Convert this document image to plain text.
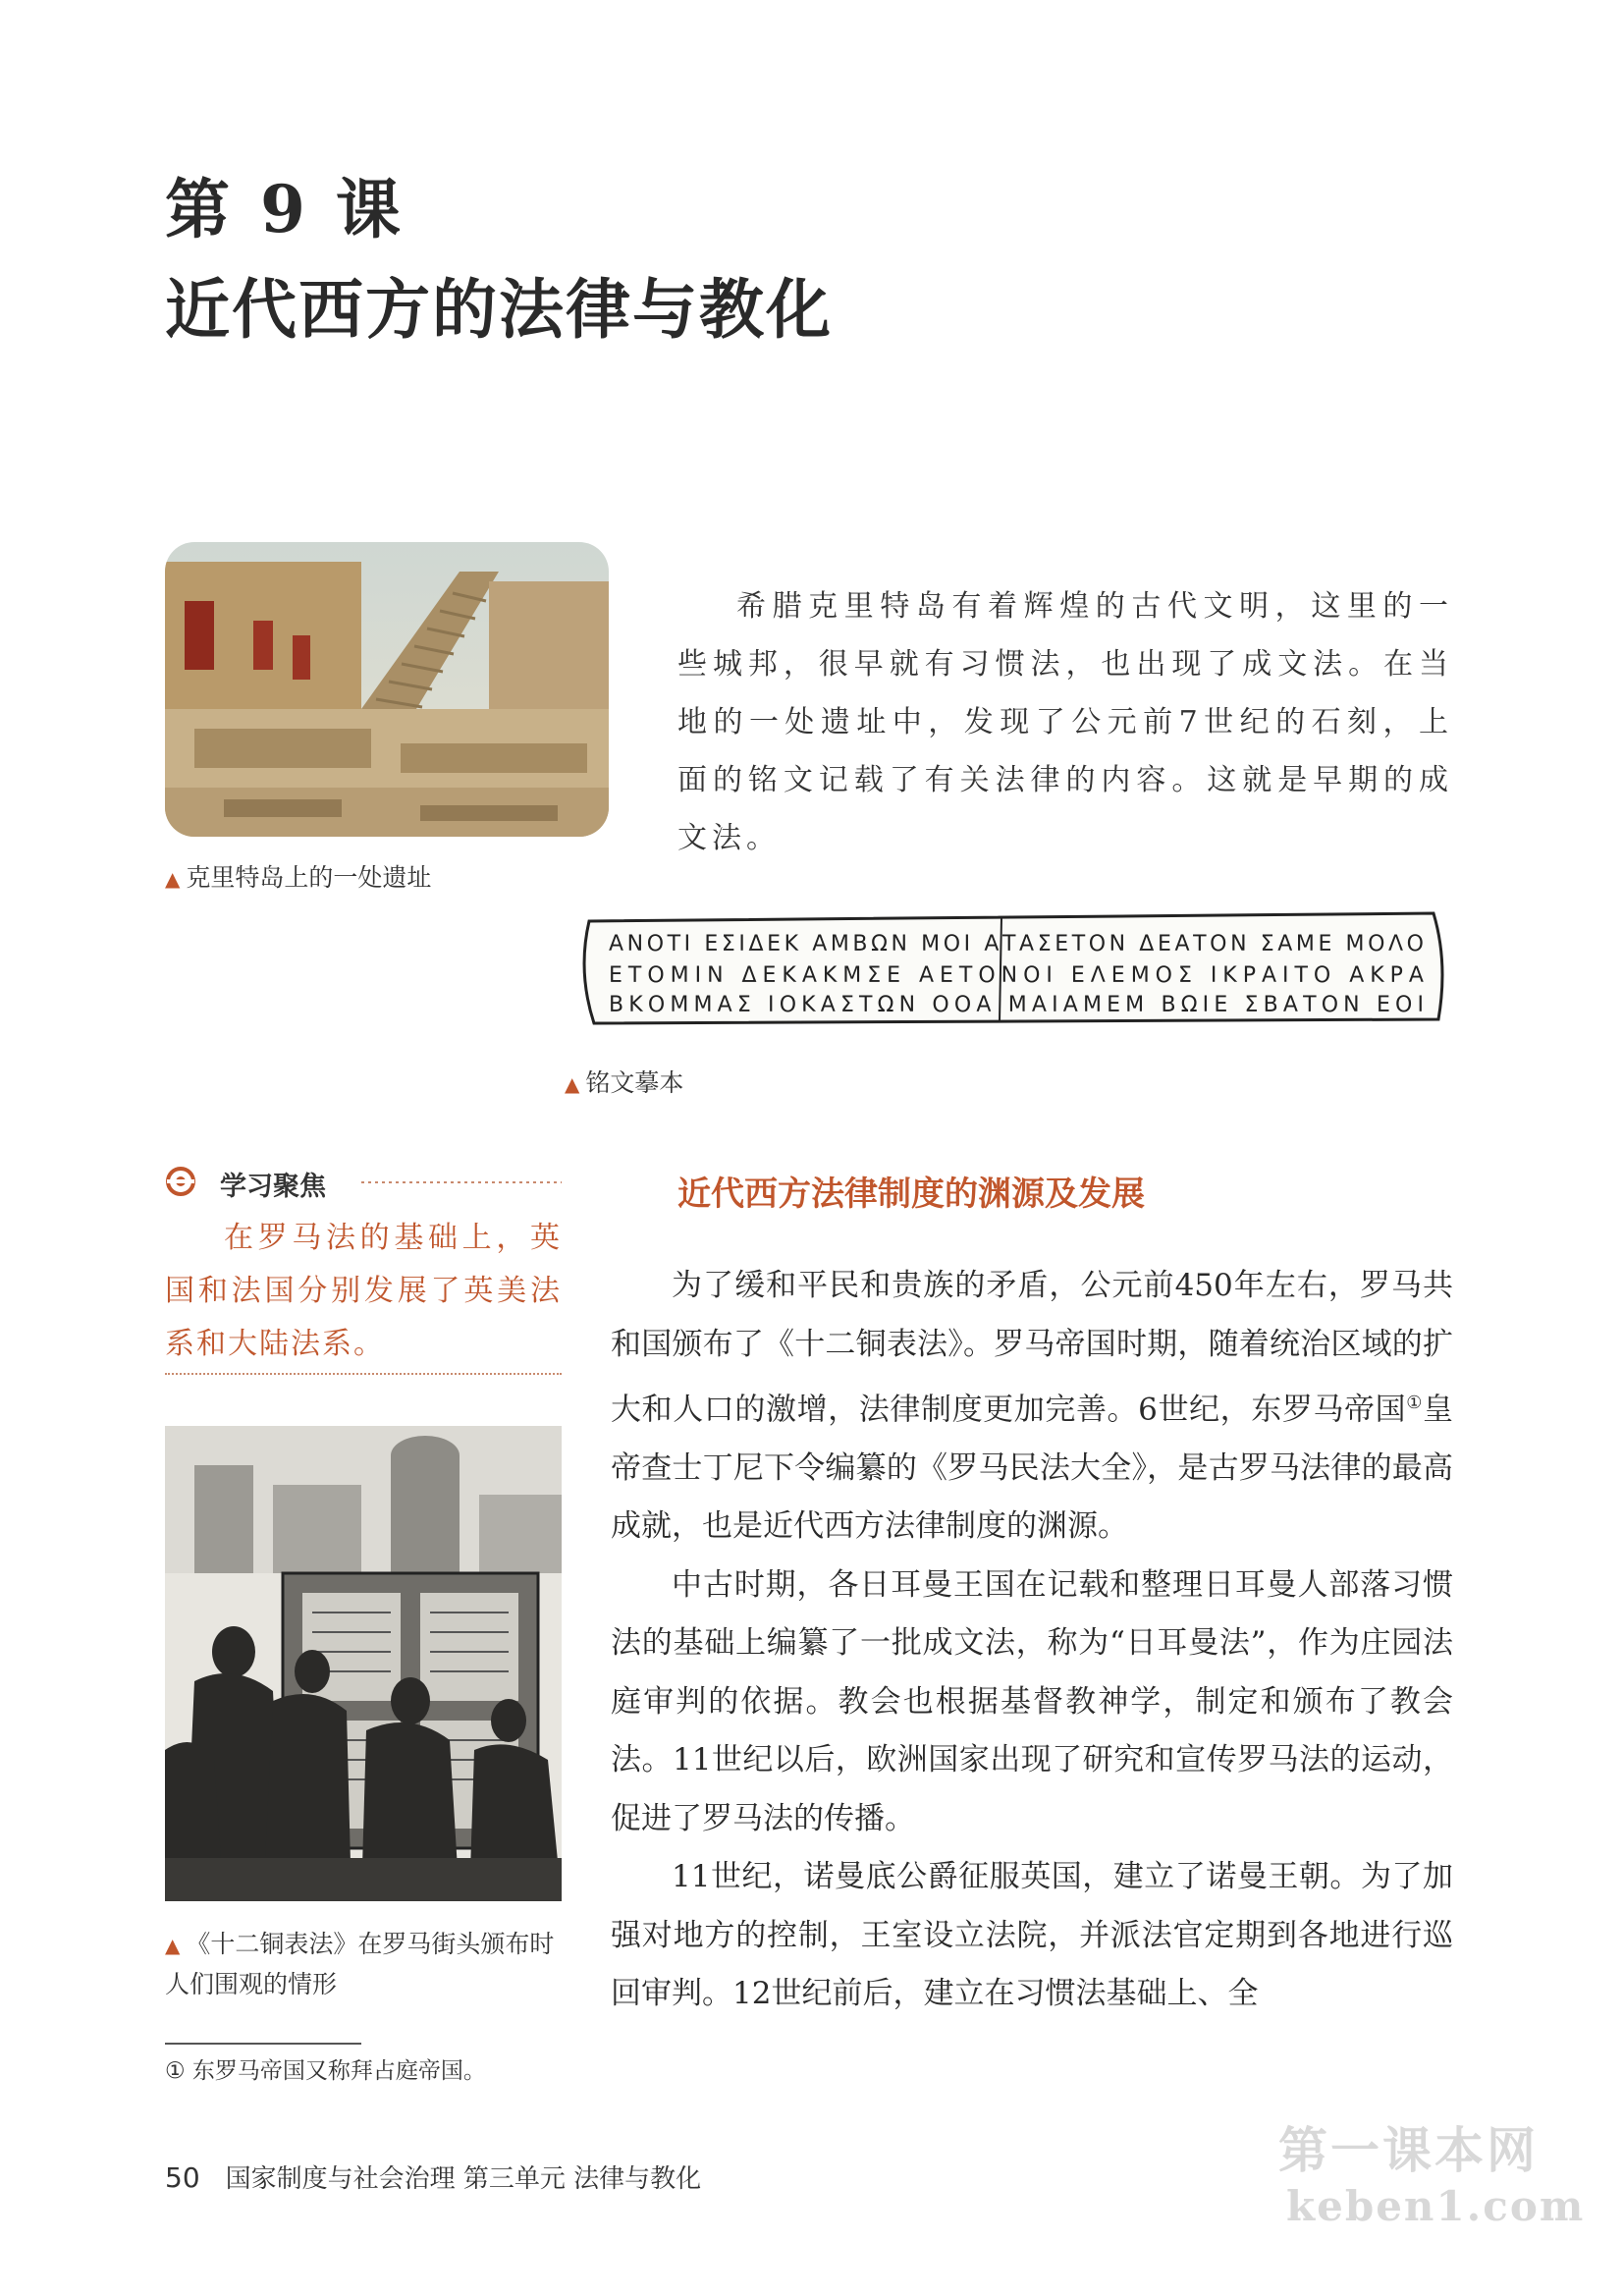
第 9 课
近代西方的法律与教化
▲ 克里特岛上的一处遗址

希腊克里特岛有着辉煌的古代文明，这里的一些城邦，很早就有习惯法，也出现了成文法。在当地的一处遗址中，发现了公元前7世纪的石刻，上面的铭文记载了有关法律的内容。这就是早期的成文法。

ΑΝΟΤΙ ΕΣΙΔΕΚ ΑΜΒΩΝ ΜΟΙ ΑΤΑΣΕΤΟΝ ΔΕΑΤΟΝ ΣΑΜΕ ΜΟΛΟ
ΕΤΟΜΙΝ ΔΕΚΑΚΜΣΕ ΑΕΤΟΝΟΙ ΕΛΕΜΟΣ ΙΚΡΑΙΤΟ ΑΚΡΑ
ΒΚΟΜΜΑΣ ΙΟΚΑΣΤΩΝ ΟΟΑ ΜΑΙΑΜΕΜ ΒΩΙΕ ΣΒΑΤΟΝ ΕΟΙ
▲ 铭文摹本
学习聚焦

在罗马法的基础上，英国和法国分别发展了英美法系和大陆法系。

▲ 《十二铜表法》在罗马街头颁布时人们围观的情形
① 东罗马帝国又称拜占庭帝国。
近代西方法律制度的渊源及发展

为了缓和平民和贵族的矛盾，公元前450年左右，罗马共和国颁布了《十二铜表法》。罗马帝国时期，随着统治区域的扩大和人口的激增，法律制度更加完善。6世纪，东罗马帝国①皇帝查士丁尼下令编纂的《罗马民法大全》，是古罗马法律的最高成就，也是近代西方法律制度的渊源。

中古时期，各日耳曼王国在记载和整理日耳曼人部落习惯法的基础上编纂了一批成文法，称为“日耳曼法”，作为庄园法庭审判的依据。教会也根据基督教神学，制定和颁布了教会法。11世纪以后，欧洲国家出现了研究和宣传罗马法的运动，促进了罗马法的传播。

11世纪，诺曼底公爵征服英国，建立了诺曼王朝。为了加强对地方的控制，王室设立法院，并派法官定期到各地进行巡回审判。12世纪前后，建立在习惯法基础上、全

50 国家制度与社会治理 第三单元 法律与教化	第一课本网
keben1.com
